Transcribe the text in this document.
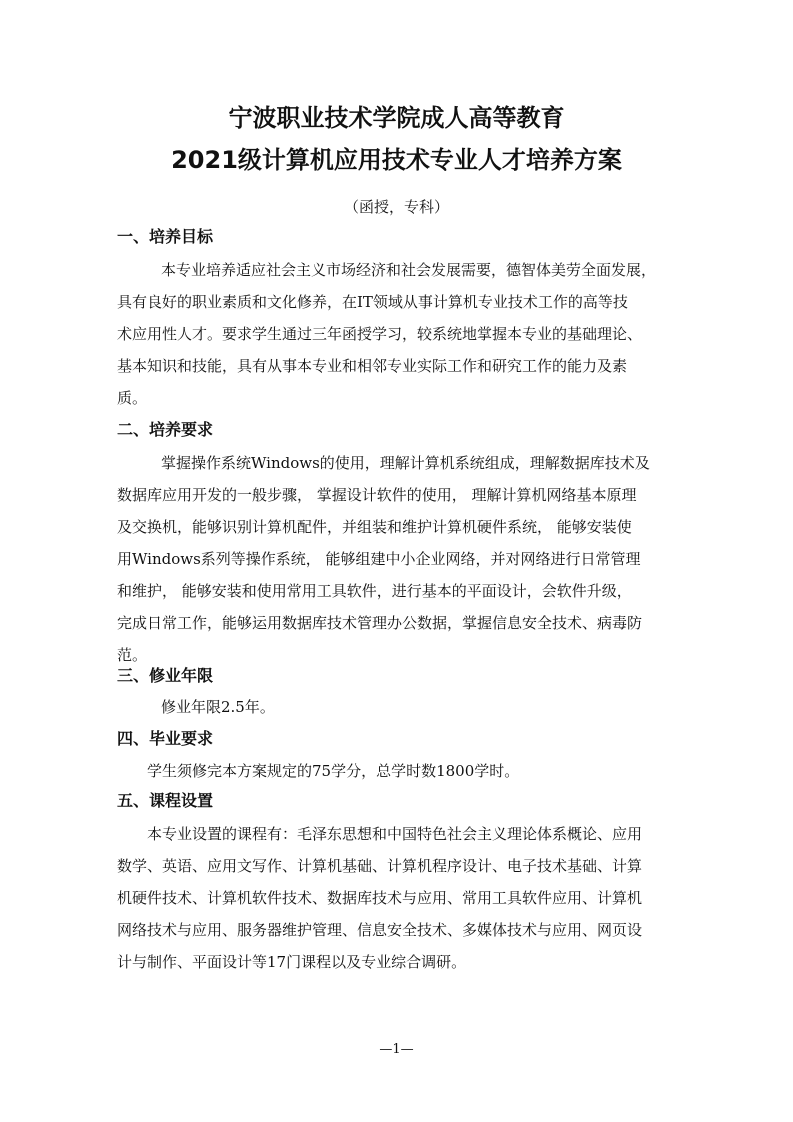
宁波职业技术学院成人高等教育
2021级计算机应用技术专业人才培养方案
（函授，专科）
一、培养目标
本专业培养适应社会主义市场经济和社会发展需要，德智体美劳全面发展，
具有良好的职业素质和文化修养，在IT领域从事计算机专业技术工作的高等技
术应用性人才。要求学生通过三年函授学习，较系统地掌握本专业的基础理论、
基本知识和技能，具有从事本专业和相邻专业实际工作和研究工作的能力及素
质。
二、培养要求
掌握操作系统Windows的使用，理解计算机系统组成，理解数据库技术及
数据库应用开发的一般步骤， 掌握设计软件的使用， 理解计算机网络基本原理
及交换机，能够识别计算机配件，并组装和维护计算机硬件系统， 能够安装使
用Windows系列等操作系统， 能够组建中小企业网络，并对网络进行日常管理
和维护， 能够安装和使用常用工具软件，进行基本的平面设计，会软件升级，
完成日常工作，能够运用数据库技术管理办公数据，掌握信息安全技术、病毒防
范。
三、修业年限
修业年限2.5年。
四、毕业要求
学生须修完本方案规定的75学分，总学时数1800学时。
五、课程设置
本专业设置的课程有：毛泽东思想和中国特色社会主义理论体系概论、应用
数学、英语、应用文写作、计算机基础、计算机程序设计、电子技术基础、计算
机硬件技术、计算机软件技术、数据库技术与应用、常用工具软件应用、计算机
网络技术与应用、服务器维护管理、信息安全技术、多媒体技术与应用、网页设
计与制作、平面设计等17门课程以及专业综合调研。
—1—
